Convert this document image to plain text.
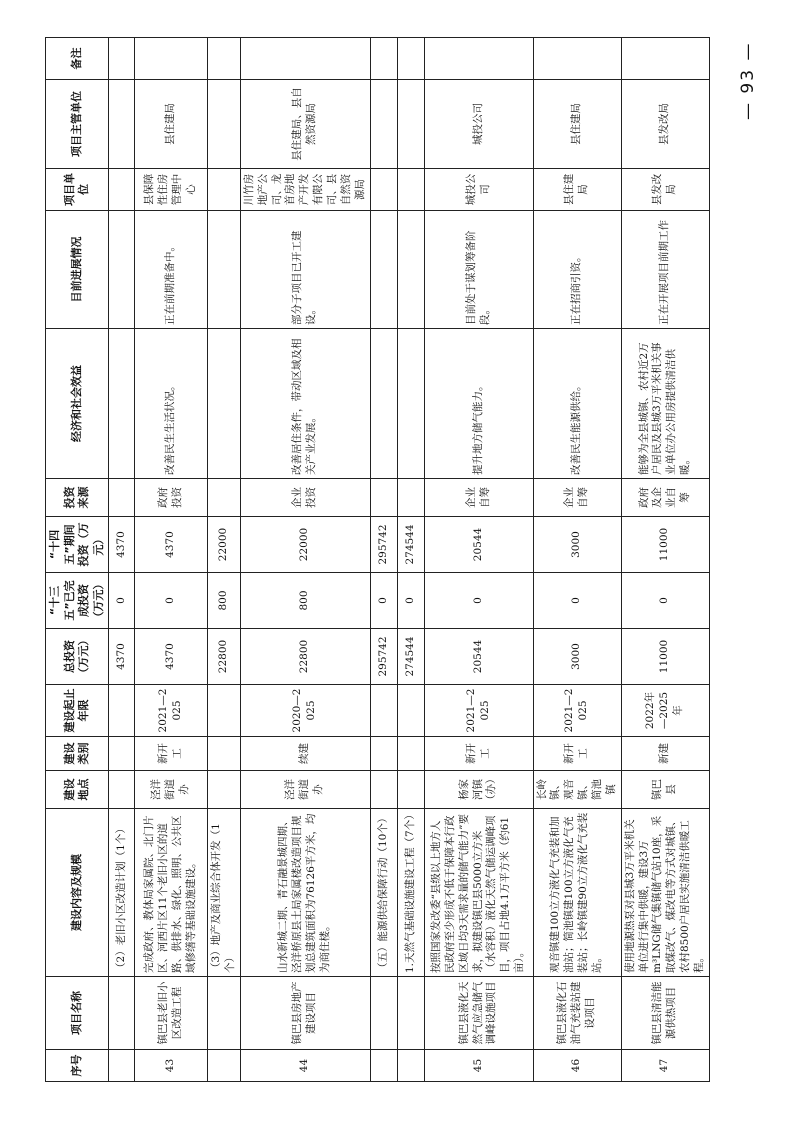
序号	项目名称	建设内容及规模	建设地点	建设类别	建设起止年限	总投资（万元）	“十三五”已完成投资（万元）	“十四五”期间投资（万元）	投资来源	经济和社会效益	目前进展情况	项目单位	项目主管单位	备注
		（2）老旧小区改造计划（1个）				4370	0	4370						
43	镇巴县老旧小区改造工程	完成政府、教体局家属院、北门片区、河西片区11个老旧小区的道路、供排水、绿化、照明、公共区域修缮等基础设施建设。	泾洋街道办	新开工	2021—2025	4370	0	4370	政府投资	改善民生生活状况。	正在前期准备中。	县保障性住房管理中心	县住建局	
		（3）地产及商业综合体开发（1个）				22800	800	22000						
44	镇巴县房地产建设项目	山水新城二期、青石融景城四期、泾洋桥原县土局家属楼改造项目规划总建筑面积为76126平方米，均为商住楼。	泾洋街道办	续建	2020—2025	22800	800	22000	企业投资	改善居住条件，带动区域及相关产业发展。	部分子项目已开工建设。	川竹房地产公司、龙首房地产开发有限公司、县自然资源局	县住建局、县自然资源局	
		（五）能源供给保障行动（10个）				295742	0	295742						
		1.天然气基础设施建设工程（7个）				274544	0	274544						
45	镇巴县液化天然气应急储气调峰设施项目	按照国家发改委“县级以上地方人民政府至少形成不低于保障本行政区域日均3天需求量的储气能力”要求，拟建设镇巴县5000立方米（水容积）液化天然气储运调峰项目，项目占地4.1万平方米（约61亩）。	杨家河镇（办）	新开工	2021—2025	20544	0	20544	企业自筹	提升地方储气能力。	目前处于谋划筹备阶段。	城投公司	城投公司	
46	镇巴县液化石油气充装站建设项目	观音镇建100立方液化气充装和加油站；简池镇建100立方液化气充装站；长岭镇建90立方液化气充装站。	长岭镇、观音镇、简池镇	新开工	2021—2025	3000	0	3000	企业自筹	改善民生能源供给。	正在招商引资。	县住建局	县住建局	
47	镇巴县清洁能源供热项目	使用地源热泵对县城3万平米机关单位进行集中供暖，建设3万m³LNG储气集镇储气站10座，采取煤改气、煤改电等方式对城镇、农村8500户居民实施清洁供暖工程。	镇巴县	新建	2022年—2025年	11000	0	11000	政府及企业自筹	能够为全县城镇、农村近2万户居民及县城3万平米机关事业单位办公用房提供清洁供暖。	正在开展项目前期工作	县发改局	县发改局	
— 93 —
